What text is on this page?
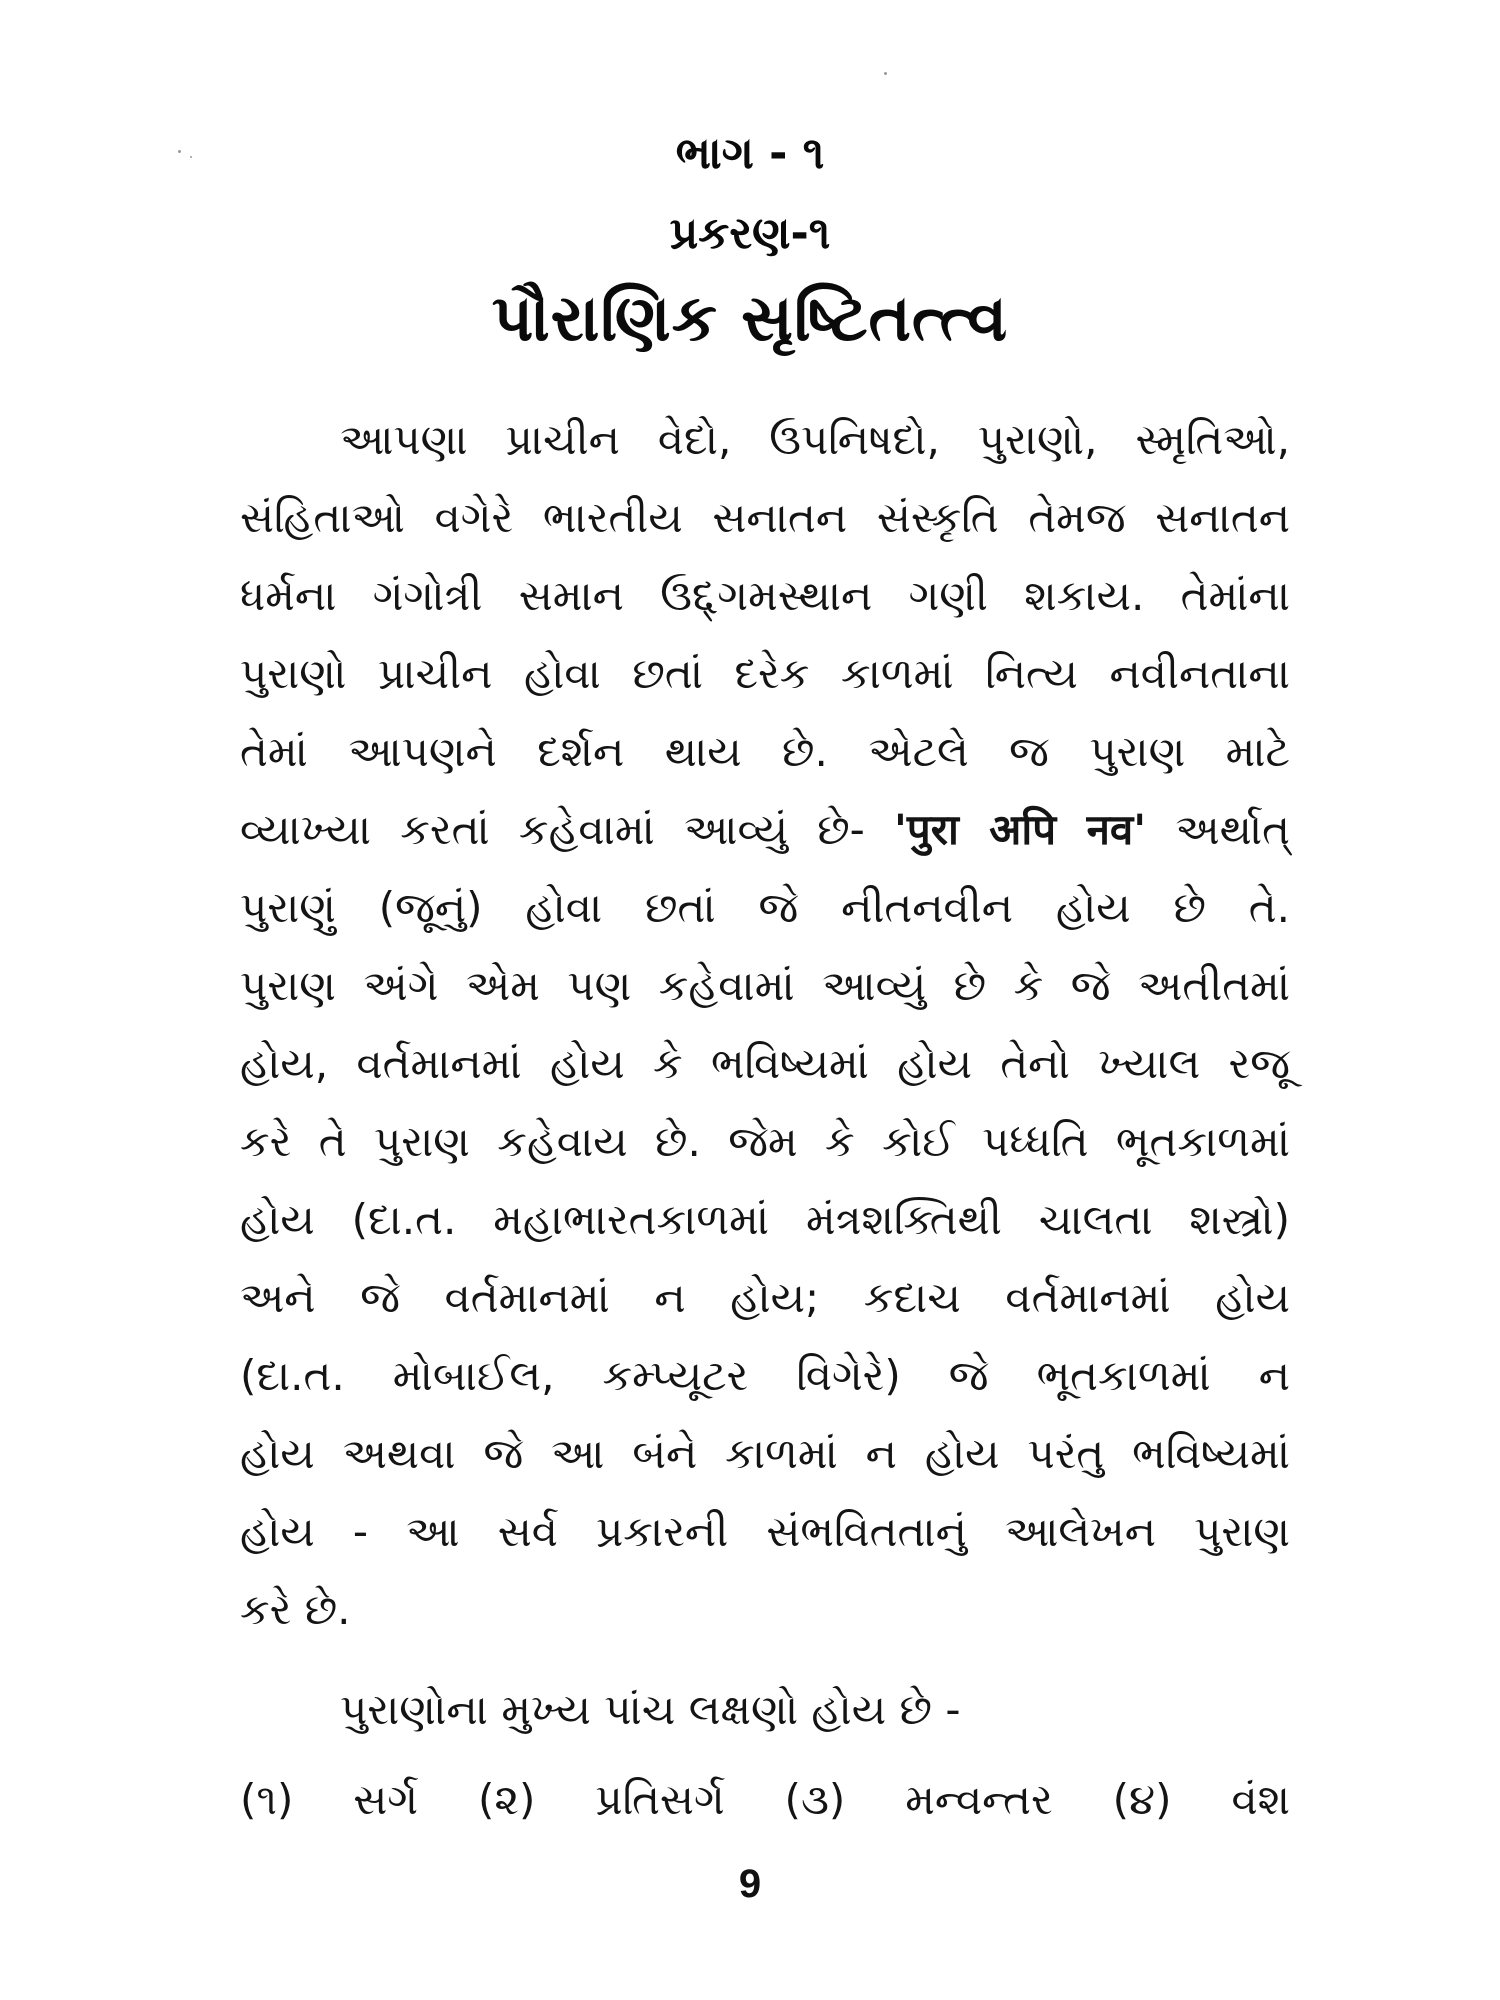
ભાગ - ૧
પ્રકરણ-૧
પૌરાણિક સૃષ્ટિતત્ત્વ
આપણા પ્રાચીન વેદો, ઉપનિષદો, પુરાણો, સ્મૃતિઓ,
સંહિતાઓ વગેરે ભારતીય સનાતન સંસ્કૃતિ તેમજ સનાતન
ધર્મના ગંગોત્રી સમાન ઉદ્દ્ગમસ્થાન ગણી શકાય. તેમાંના
પુરાણો પ્રાચીન હોવા છતાં દરેક કાળમાં નિત્ય નવીનતાના
તેમાં આપણને દર્શન થાય છે. એટલે જ પુરાણ માટે
વ્યાખ્યા કરતાં કહેવામાં આવ્યું છે- 'पुरा अपि नव' અર્થાત્
પુરાણું (જૂનું) હોવા છતાં જે નીતનવીન હોય છે તે.
પુરાણ અંગે એમ પણ કહેવામાં આવ્યું છે કે જે અતીતમાં
હોય, વર્તમાનમાં હોય કે ભવિષ્યમાં હોય તેનો ખ્યાલ રજૂ
કરે તે પુરાણ કહેવાય છે. જેમ કે કોઈ પધ્ધતિ ભૂતકાળમાં
હોય (દા.ત. મહાભારતકાળમાં મંત્રશક્તિથી ચાલતા શસ્ત્રો)
અને જે વર્તમાનમાં ન હોય; કદાચ વર્તમાનમાં હોય
(દા.ત. મોબાઈલ, કમ્પ્યૂટર વિગેરે) જે ભૂતકાળમાં ન
હોય અથવા જે આ બંને કાળમાં ન હોય પરંતુ ભવિષ્યમાં
હોય - આ સર્વ પ્રકારની સંભવિતતાનું આલેખન પુરાણ
કરે છે.
પુરાણોના મુખ્ય પાંચ લક્ષણો હોય છે -
(૧) સર્ગ (૨) પ્રતિસર્ગ (૩) મન્વન્તર (૪) વંશ
9
